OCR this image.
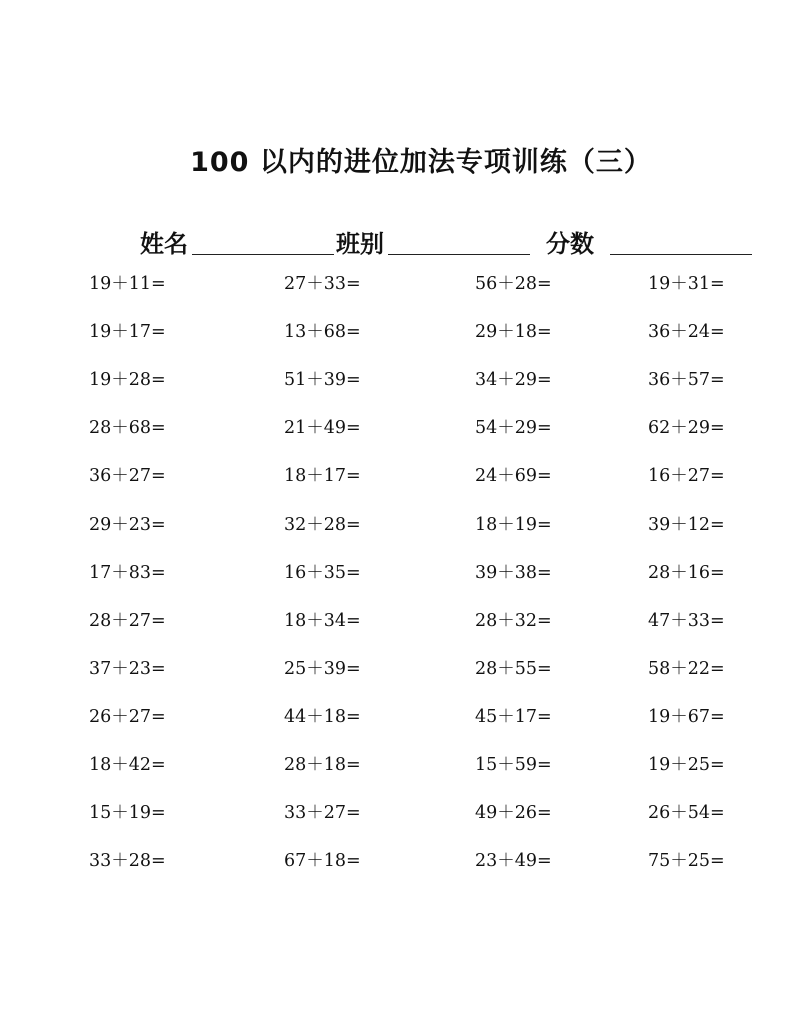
100 以内的进位加法专项训练（三）
姓名	班别	分数
19＋11=	27＋33=	56＋28=	19＋31=
19＋17=	13＋68=	29＋18=	36＋24=
19＋28=	51＋39=	34＋29=	36＋57=
28＋68=	21＋49=	54＋29=	62＋29=
36＋27=	18＋17=	24＋69=	16＋27=
29＋23=	32＋28=	18＋19=	39＋12=
17＋83=	16＋35=	39＋38=	28＋16=
28＋27=	18＋34=	28＋32=	47＋33=
37＋23=	25＋39=	28＋55=	58＋22=
26＋27=	44＋18=	45＋17=	19＋67=
18＋42=	28＋18=	15＋59=	19＋25=
15＋19=	33＋27=	49＋26=	26＋54=
33＋28=	67＋18=	23＋49=	75＋25=
